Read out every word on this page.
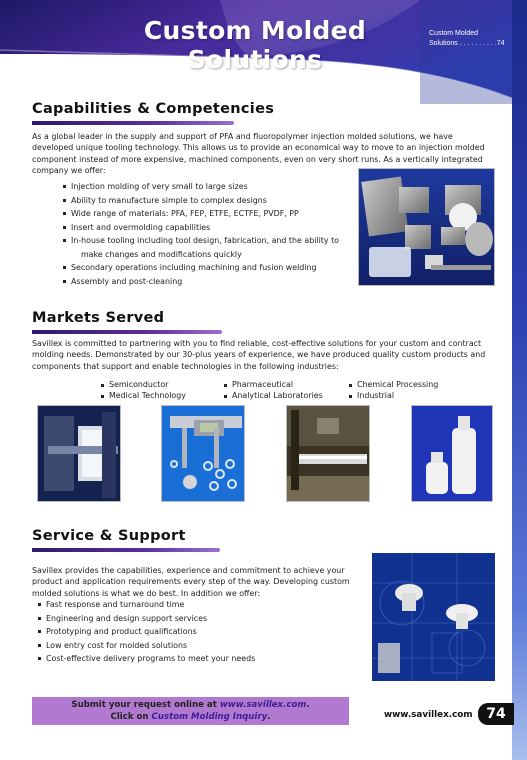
Custom Molded Solutions
Custom Molded
Solutions . . . . . . . . . .74
Capabilities & Competencies
As a global leader in the supply and support of PFA and fluoropolymer injection molded solutions, we have developed unique tooling technology. This allows us to provide an economical way to move to an injection molded component instead of more expensive, machined components, even on very short runs. As a vertically integrated company we offer:
Injection molding of very small to large sizes
Ability to manufacture simple to complex designs
Wide range of materials: PFA, FEP, ETFE, ECTFE, PVDF, PP
Insert and overmolding capabilities
In-house tooling including tool design, fabrication, and the ability to
make changes and modifications quickly
Secondary operations including machining and fusion welding
Assembly and post-cleaning
Markets Served
Savillex is committed to partnering with you to find reliable, cost-effective solutions for your custom and contract molding needs. Demonstrated by our 30-plus years of experience, we have produced quality custom products and components that support and enable technologies in the following industries:
Semiconductor
Medical Technology
Pharmaceutical
Analytical Laboratories
Chemical Processing
Industrial
Service & Support
Savillex provides the capabilities, experience and commitment to achieve your product and application requirements every step of the way. Developing custom molded solutions is what we do best. In addition we offer:
Fast response and turnaround time
Engineering and design support services
Prototyping and product qualifications
Low entry cost for molded solutions
Cost-effective delivery programs to meet your needs
Submit your request online at www.savillex.com.
Click on Custom Molding Inquiry.	www.savillex.com 74
